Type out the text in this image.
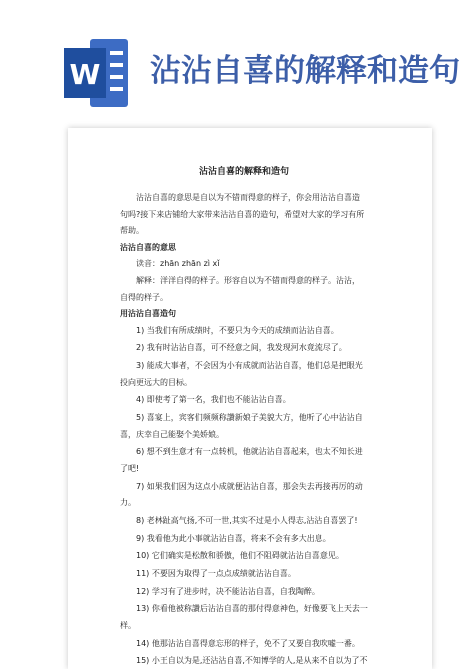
W 沾沾自喜的解释和造句
沾沾自喜的解释和造句
沾沾自喜的意思是自以为不错而得意的样子，你会用沾沾自喜造
句吗?接下来店铺给大家带来沾沾自喜的造句，希望对大家的学习有所
帮助。
沾沾自喜的意思
读音：zhān zhān zì xǐ
解释：洋洋自得的样子。形容自以为不错而得意的样子。沾沾，
自得的样子。
用沾沾自喜造句
1) 当我们有所成绩时，不要只为今天的成绩而沾沾自喜。
2) 我有时沾沾自喜，可不经意之间，我发现河水竟流尽了。
3) 能成大事者，不会因为小有成就而沾沾自喜，他们总是把眼光
投向更远大的目标。
4) 即使考了第一名，我们也不能沾沾自喜。
5) 喜宴上，宾客们频频称讚新娘子美貌大方，他听了心中沾沾自
喜，庆幸自己能娶个美娇娘。
6) 想不到生意才有一点转机，他就沾沾自喜起来，也太不知长进
了吧!
7) 如果我们因为这点小成就便沾沾自喜，那会失去再接再厉的动
力。
8) 老林趾高气扬,不可一世,其实不过是小人得志,沾沾自喜罢了!
9) 我看他为此小事就沾沾自喜，将来不会有多大出息。
10) 它们确实是松散和骄傲，他们不阻碍就沾沾自喜意见。
11) 不要因为取得了一点点成绩就沾沾自喜。
12) 学习有了进步时，决不能沾沾自喜，自我陶醉。
13) 你看他被称讚后沾沾自喜的那付得意神色，好像要飞上天去一
样。
14) 他那沾沾自喜得意忘形的样子，免不了又要自我吹嘘一番。
15) 小王自以为是,还沾沾自喜,不知博学的人,是从来不自以为了不
